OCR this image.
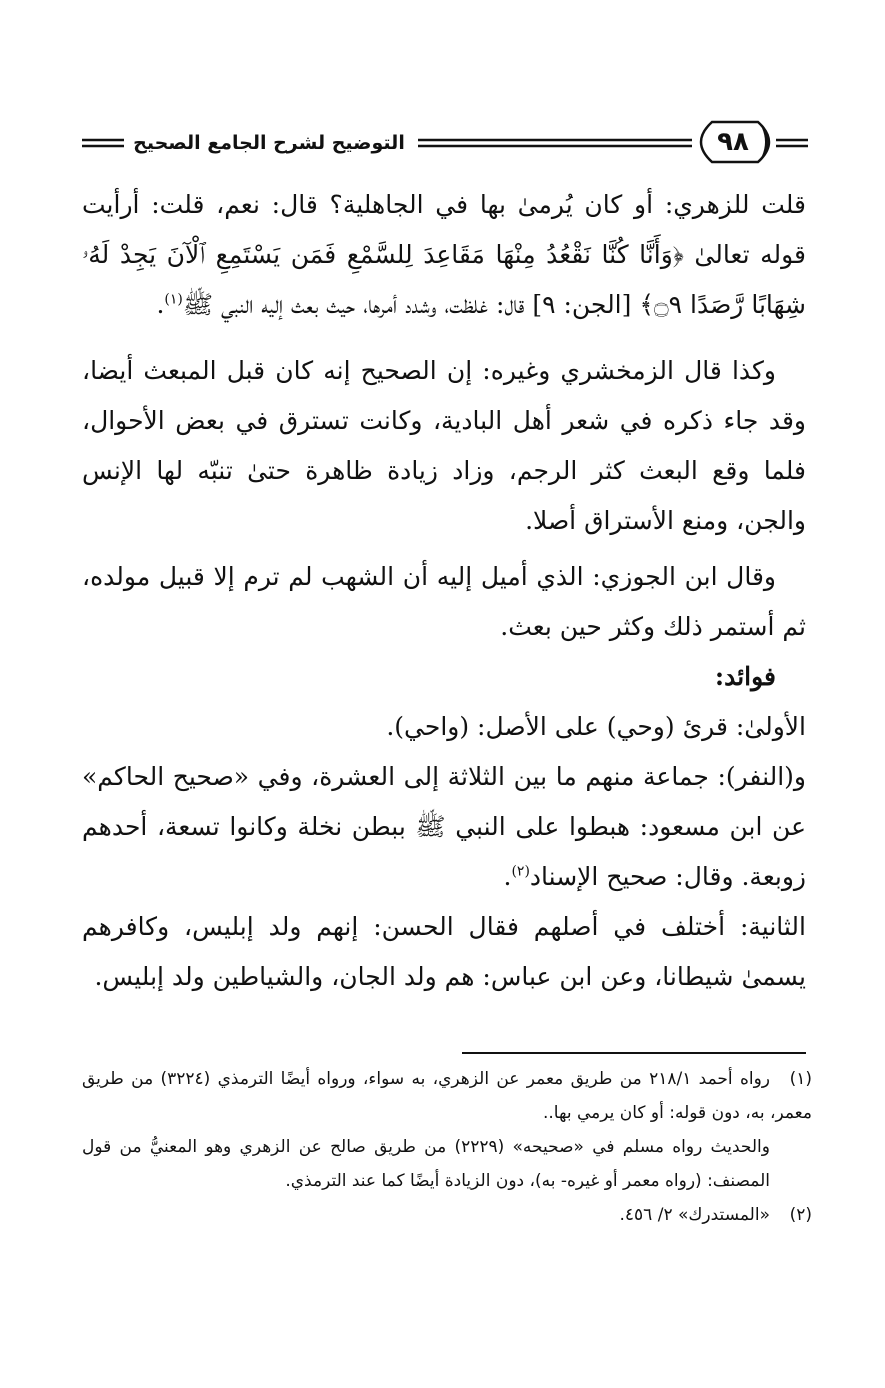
٩٨
التوضيح لشرح الجامع الصحيح

قلت للزهري: أو كان يُرمىٰ بها في الجاهلية؟ قال: نعم، قلت: أرأيت قوله تعالىٰ ﴿وَأَنَّا كُنَّا نَقْعُدُ مِنْهَا مَقَاعِدَ لِلسَّمْعِ فَمَن يَسْتَمِعِ ٱلْآنَ يَجِدْ لَهُۥ شِهَابًا رَّصَدًا ۝٩﴾ [الجن: ٩] قال: غلظت، وشدد أمرها، حيث بعث إليه النبي ﷺ$^{(١)}$.

وكذا قال الزمخشري وغيره: إن الصحيح إنه كان قبل المبعث أيضا، وقد جاء ذكره في شعر أهل البادية، وكانت تسترق في بعض الأحوال، فلما وقع البعث كثر الرجم، وزاد زيادة ظاهرة حتىٰ تنبّه لها الإنس والجن، ومنع الأستراق أصلا.

وقال ابن الجوزي: الذي أميل إليه أن الشهب لم ترم إلا قبيل مولده، ثم أستمر ذلك وكثر حين بعث.

فوائد:

الأولىٰ: قرئ (وحي) على الأصل: (واحي).

و(النفر): جماعة منهم ما بين الثلاثة إلى العشرة، وفي «صحيح الحاكم» عن ابن مسعود: هبطوا على النبي ﷺ ببطن نخلة وكانوا تسعة، أحدهم زوبعة. وقال: صحيح الإسناد$^{(٢)}$.

الثانية: أختلف في أصلهم فقال الحسن: إنهم ولد إبليس، وكافرهم يسمىٰ شيطانا، وعن ابن عباس: هم ولد الجان، والشياطين ولد إبليس.

(١)رواه أحمد ٢١٨/١ من طريق معمر عن الزهري، به سواء، ورواه أيضًا الترمذي (٣٢٢٤) من طريق معمر، به، دون قوله: أو كان يرمي بها..

والحديث رواه مسلم في «صحيحه» (٢٢٢٩) من طريق صالح عن الزهري وهو المعنيُّ من قول المصنف: (رواه معمر أو غيره- به)، دون الزيادة أيضًا كما عند الترمذي.

(٢)«المستدرك» ٢/ ٤٥٦.
